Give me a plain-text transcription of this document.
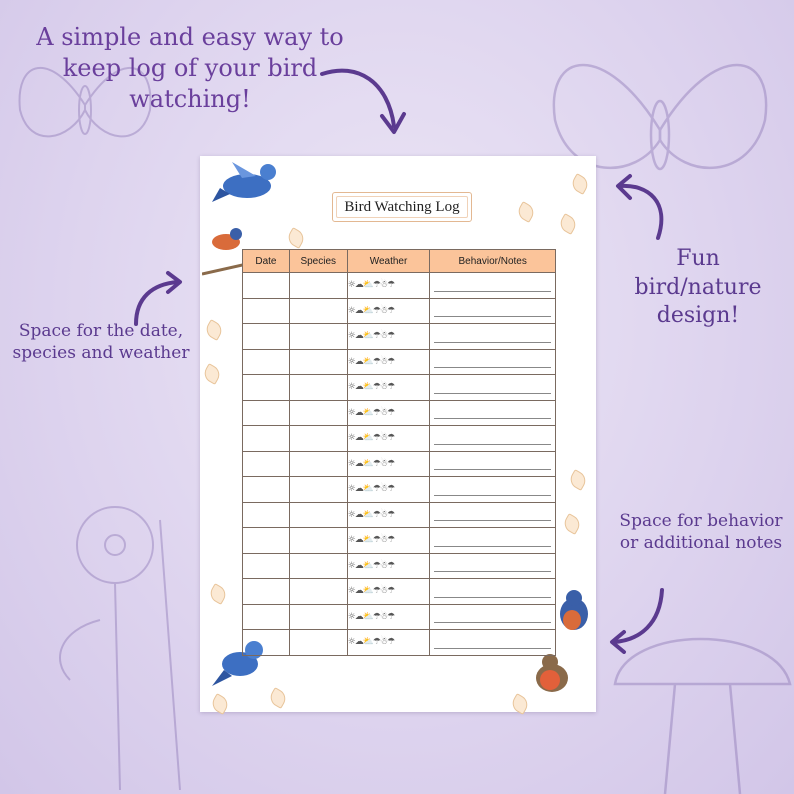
A simple and easy way to keep log of your bird watching!
Fun bird/nature design!
Space for the date, species and weather
Space for behavior or additional notes
Bird Watching Log
Date	Species	Weather	Behavior/Notes
		☼☁⛅☂☃☂	

		☼☁⛅☂☃☂	

		☼☁⛅☂☃☂	

		☼☁⛅☂☃☂	

		☼☁⛅☂☃☂	

		☼☁⛅☂☃☂	

		☼☁⛅☂☃☂	

		☼☁⛅☂☃☂	

		☼☁⛅☂☃☂	

		☼☁⛅☂☃☂	

		☼☁⛅☂☃☂	

		☼☁⛅☂☃☂	

		☼☁⛅☂☃☂	

		☼☁⛅☂☃☂	

		☼☁⛅☂☃☂	
